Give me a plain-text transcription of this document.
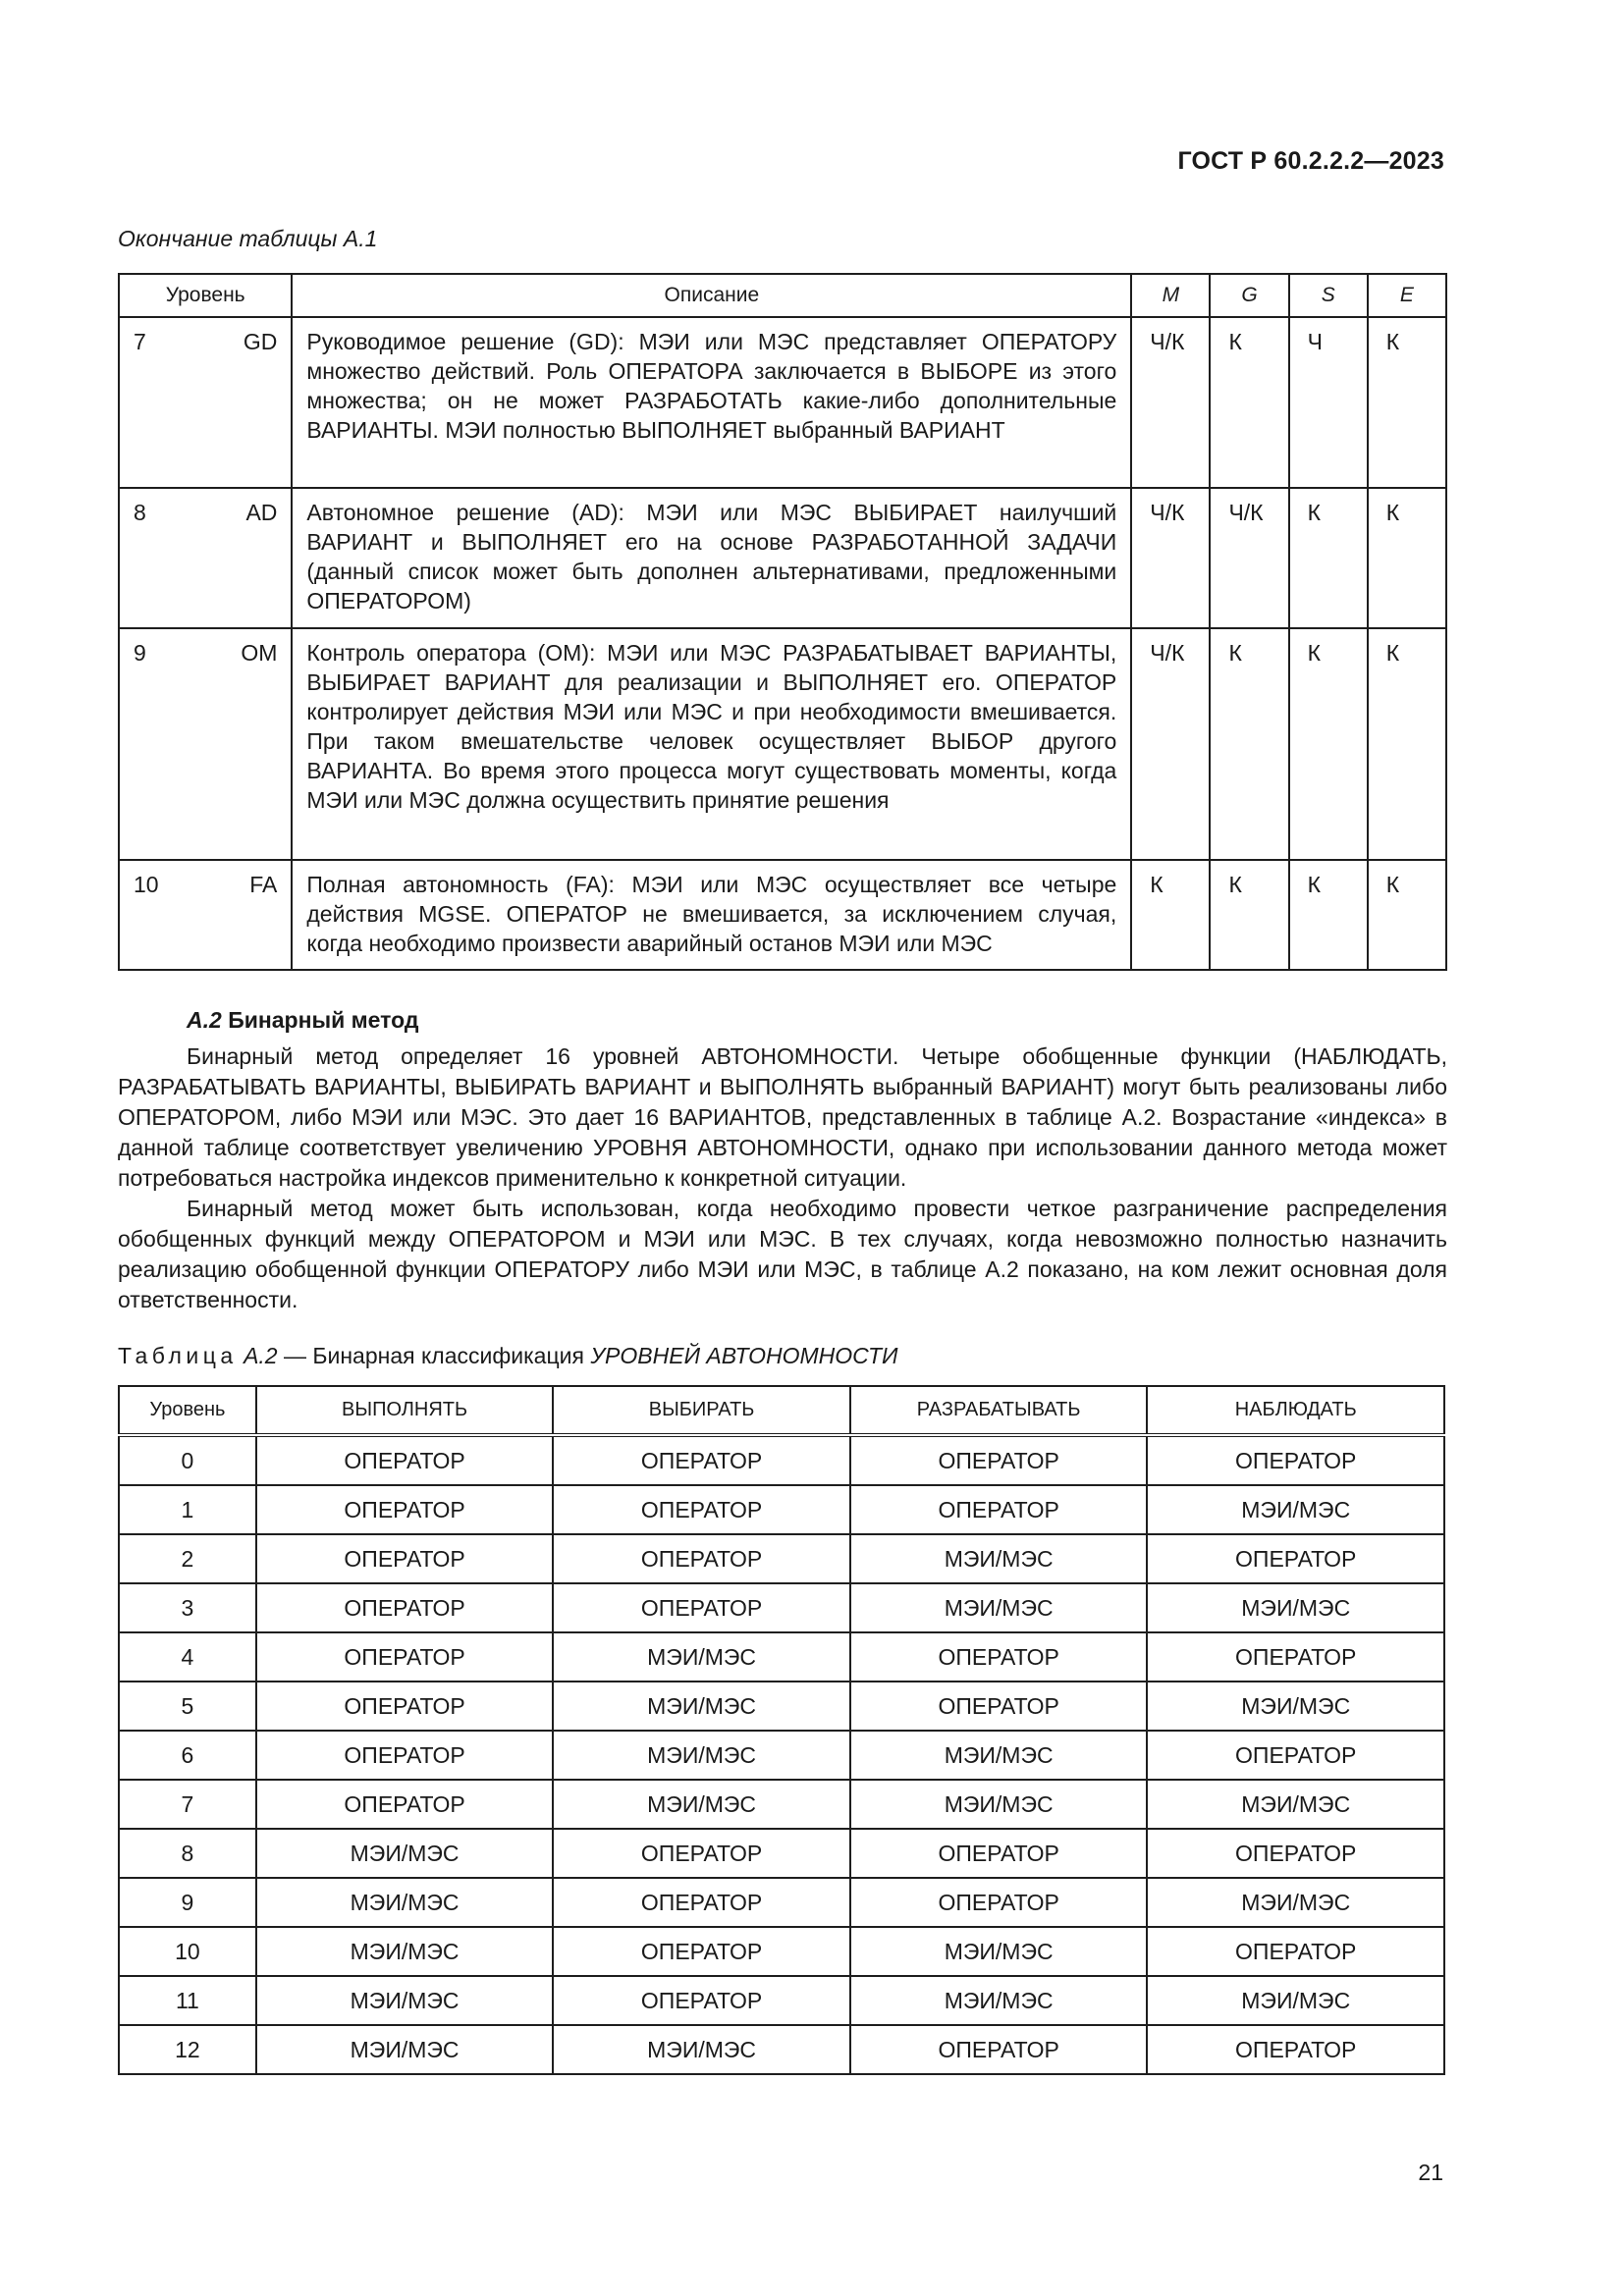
ГОСТ Р 60.2.2.2—2023
Окончание таблицы А.1
Уровень	Описание	M	G	S	E

7 GD	Руководимое решение (GD): МЭИ или МЭС представляет ОПЕРАТОРУ множество действий. Роль ОПЕРАТОРА заключается в ВЫБОРЕ из этого множества; он не может РАЗРАБОТАТЬ какие-либо дополнительные ВАРИАНТЫ. МЭИ полностью ВЫПОЛНЯЕТ выбранный ВАРИАНТ	Ч/К	К	Ч	К

8 AD	Автономное решение (AD): МЭИ или МЭС ВЫБИРАЕТ наилучший ВАРИАНТ и ВЫПОЛНЯЕТ его на основе РАЗРАБОТАННОЙ ЗАДАЧИ (данный список может быть дополнен альтернативами, предложенными ОПЕРАТОРОМ)	Ч/К	Ч/К	К	К

9 OM	Контроль оператора (ОМ): МЭИ или МЭС РАЗРАБАТЫВАЕТ ВАРИАНТЫ, ВЫБИРАЕТ ВАРИАНТ для реализации и ВЫПОЛНЯЕТ его. ОПЕРАТОР контролирует действия МЭИ или МЭС и при необходимости вмешивается. При таком вмешательстве человек осуществляет ВЫБОР другого ВАРИАНТА. Во время этого процесса могут существовать моменты, когда МЭИ или МЭС должна осуществить принятие решения	Ч/К	К	К	К

10 FA	Полная автономность (FA): МЭИ или МЭС осуществляет все четыре действия MGSE. ОПЕРАТОР не вмешивается, за исключением случая, когда необходимо произвести аварийный останов МЭИ или МЭС	К	К	К	К
А.2 Бинарный метод
Бинарный метод определяет 16 уровней АВТОНОМНОСТИ. Четыре обобщенные функции (НАБЛЮДАТЬ, РАЗРАБАТЫВАТЬ ВАРИАНТЫ, ВЫБИРАТЬ ВАРИАНТ и ВЫПОЛНЯТЬ выбранный ВАРИАНТ) могут быть реализованы либо ОПЕРАТОРОМ, либо МЭИ или МЭС. Это дает 16 ВАРИАНТОВ, представленных в таблице А.2. Возрастание «индекса» в данной таблице соответствует увеличению УРОВНЯ АВТОНОМНОСТИ, однако при использовании данного метода может потребоваться настройка индексов применительно к конкретной ситуации.
Бинарный метод может быть использован, когда необходимо провести четкое разграничение распределения обобщенных функций между ОПЕРАТОРОМ и МЭИ или МЭС. В тех случаях, когда невозможно полностью назначить реализацию обобщенной функции ОПЕРАТОРУ либо МЭИ или МЭС, в таблице А.2 показано, на ком лежит основная доля ответственности.
Таблица А.2 — Бинарная классификация УРОВНЕЙ АВТОНОМНОСТИ
Уровень	ВЫПОЛНЯТЬ	ВЫБИРАТЬ	РАЗРАБАТЫВАТЬ	НАБЛЮДАТЬ
0	ОПЕРАТОР	ОПЕРАТОР	ОПЕРАТОР	ОПЕРАТОР
1	ОПЕРАТОР	ОПЕРАТОР	ОПЕРАТОР	МЭИ/МЭС
2	ОПЕРАТОР	ОПЕРАТОР	МЭИ/МЭС	ОПЕРАТОР
3	ОПЕРАТОР	ОПЕРАТОР	МЭИ/МЭС	МЭИ/МЭС
4	ОПЕРАТОР	МЭИ/МЭС	ОПЕРАТОР	ОПЕРАТОР
5	ОПЕРАТОР	МЭИ/МЭС	ОПЕРАТОР	МЭИ/МЭС
6	ОПЕРАТОР	МЭИ/МЭС	МЭИ/МЭС	ОПЕРАТОР
7	ОПЕРАТОР	МЭИ/МЭС	МЭИ/МЭС	МЭИ/МЭС
8	МЭИ/МЭС	ОПЕРАТОР	ОПЕРАТОР	ОПЕРАТОР
9	МЭИ/МЭС	ОПЕРАТОР	ОПЕРАТОР	МЭИ/МЭС
10	МЭИ/МЭС	ОПЕРАТОР	МЭИ/МЭС	ОПЕРАТОР
11	МЭИ/МЭС	ОПЕРАТОР	МЭИ/МЭС	МЭИ/МЭС
12	МЭИ/МЭС	МЭИ/МЭС	ОПЕРАТОР	ОПЕРАТОР
21
